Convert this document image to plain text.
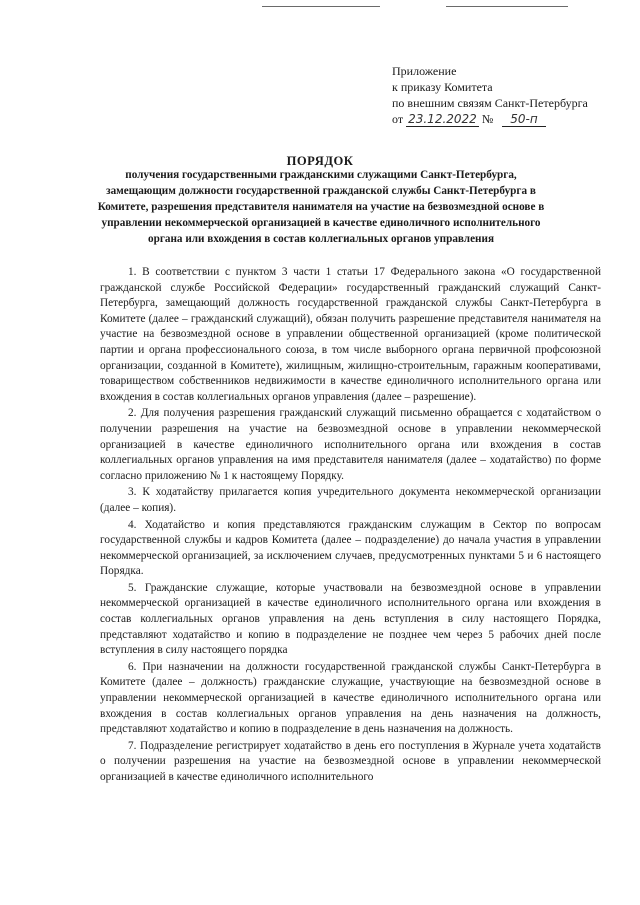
Приложение
к приказу Комитета
по внешним связям Санкт-Петербурга
от 23.12.2022 № 50-п
ПОРЯДОК
получения государственными гражданскими служащими Санкт-Петербурга, замещающим должности государственной гражданской службы Санкт-Петербурга в Комитете, разрешения представителя нанимателя на участие на безвозмездной основе в управлении некоммерческой организацией в качестве единоличного исполнительного органа или вхождения в состав коллегиальных органов управления

1. В соответствии с пунктом 3 части 1 статьи 17 Федерального закона «О государственной гражданской службе Российской Федерации» государственный гражданский служащий Санкт-Петербурга, замещающий должность государственной гражданской службы Санкт-Петербурга в Комитете (далее – гражданский служащий), обязан получить разрешение представителя нанимателя на участие на безвозмездной основе в управлении общественной организацией (кроме политической партии и органа профессионального союза, в том числе выборного органа первичной профсоюзной организации, созданной в Комитете), жилищным, жилищно-строительным, гаражным кооперативами, товариществом собственников недвижимости в качестве единоличного исполнительного органа или вхождения в состав коллегиальных органов управления (далее – разрешение).

2. Для получения разрешения гражданский служащий письменно обращается с ходатайством о получении разрешения на участие на безвозмездной основе в управлении некоммерческой организацией в качестве единоличного исполнительного органа или вхождения в состав коллегиальных органов управления на имя представителя нанимателя (далее – ходатайство) по форме согласно приложению № 1 к настоящему Порядку.

3. К ходатайству прилагается копия учредительного документа некоммерческой организации (далее – копия).

4. Ходатайство и копия представляются гражданским служащим в Сектор по вопросам государственной службы и кадров Комитета (далее – подразделение) до начала участия в управлении некоммерческой организацией, за исключением случаев, предусмотренных пунктами 5 и 6 настоящего Порядка.

5. Гражданские служащие, которые участвовали на безвозмездной основе в управлении некоммерческой организацией в качестве единоличного исполнительного органа или вхождения в состав коллегиальных органов управления на день вступления в силу настоящего Порядка, представляют ходатайство и копию в подразделение не позднее чем через 5 рабочих дней после вступления в силу настоящего порядка

6. При назначении на должности государственной гражданской службы Санкт-Петербурга в Комитете (далее – должность) гражданские служащие, участвующие на безвозмездной основе в управлении некоммерческой организацией в качестве единоличного исполнительного органа или вхождения в состав коллегиальных органов управления на день назначения на должность, представляют ходатайство и копию в подразделение в день назначения на должность.

7. Подразделение регистрирует ходатайство в день его поступления в Журнале учета ходатайств о получении разрешения на участие на безвозмездной основе в управлении некоммерческой организацией в качестве единоличного исполнительного
